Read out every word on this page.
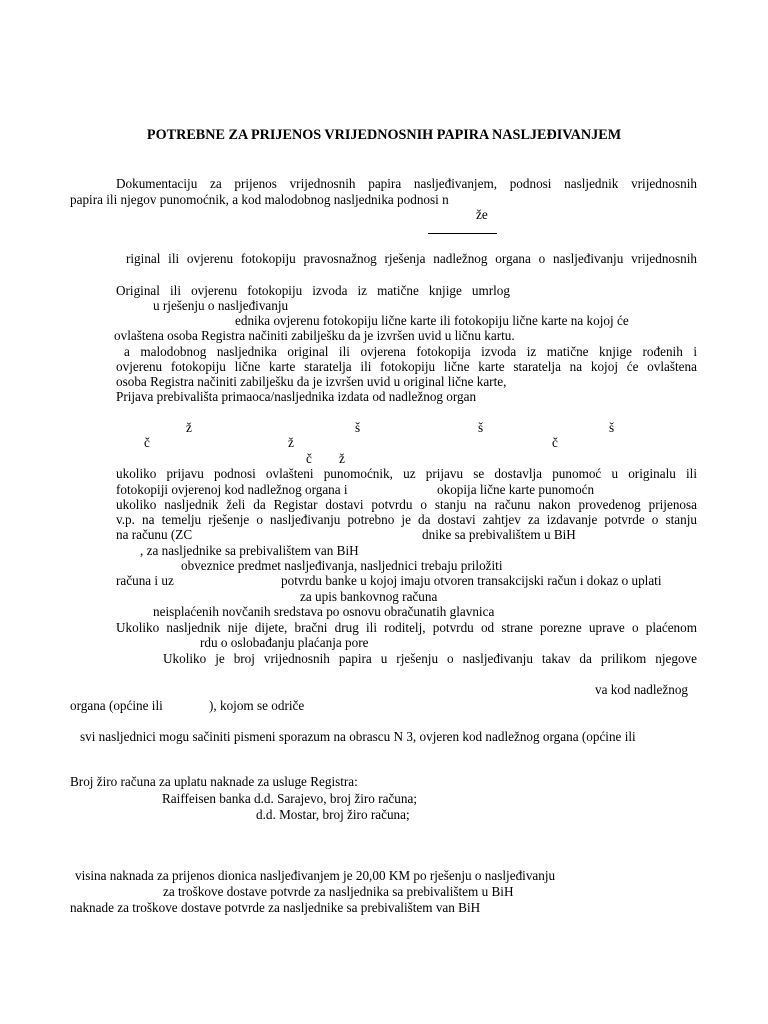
POTREBNE ZA PRIJENOS VRIJEDNOSNIH PAPIRA NASLJEĐIVANJEM
Dokumentaciju za prijenos vrijednosnih papira nasljeđivanjem, podnosi nasljednik vrijednosnih
papira ili njegov punomoćnik, a kod malodobnog nasljednika podnosi n
že
riginal ili ovjerenu fotokopiju pravosnažnog rješenja nadležnog organa o nasljeđivanju vrijednosnih
Original ili ovjerenu fotokopiju izvoda iz matične knjige umrlog
u rješenju o nasljeđivanju
ednika ovjerenu fotokopiju lične karte ili fotokopiju lične karte na kojoj će
ovlaštena osoba Registra načiniti zabilješku da je izvršen uvid u ličnu kartu.
a malodobnog nasljednika original ili ovjerena fotokopija izvoda iz matične knjige rođenih i
ovjerenu fotokopiju lične karte staratelja ili fotokopiju lične karte staratelja na kojoj će ovlaštena
osoba Registra načiniti zabilješku da je izvršen uvid u original lične karte,
Prijava prebivališta primaoca/nasljednika izdata od nadležnog organ
ž	š	š	š
č	ž	č
č ž
ukoliko prijavu podnosi ovlašteni punomoćnik, uz prijavu se dostavlja punomoć u originalu ili
fotokopiji ovjerenoj kod nadležnog organa i	okopija lične karte punomoćn
ukoliko nasljednik želi da Registar dostavi potvrdu o stanju na računu nakon provedenog prijenosa
v.p. na temelju rješenje o nasljeđivanju potrebno je da dostavi zahtjev za izdavanje potvrde o stanju
na računu (ZC	dnike sa prebivalištem u BiH
, za nasljednike sa prebivalištem van BiH
obveznice predmet nasljeđivanja, nasljednici trebaju priložiti
računa i uz	potvrdu banke u kojoj imaju otvoren transakcijski račun i dokaz o uplati
za upis bankovnog računa
neisplaćenih novčanih sredstava po osnovu obračunatih glavnica
Ukoliko nasljednik nije dijete, bračni drug ili roditelj, potvrdu od strane porezne uprave o plaćenom
rdu o oslobađanju plaćanja pore
Ukoliko je broj vrijednosnih papira u rješenju o nasljeđivanju takav da prilikom njegove
va kod nadležnog
organa (općine ili	), kojom se odriče
svi nasljednici mogu sačiniti pismeni sporazum na obrascu N 3, ovjeren kod nadležnog organa (općine ili
Broj žiro računa za uplatu naknade za usluge Registra:
Raiffeisen banka d.d. Sarajevo, broj žiro računa;
d.d. Mostar, broj žiro računa;
visina naknada za prijenos dionica nasljeđivanjem je 20,00 KM po rješenju o nasljeđivanju
za troškove dostave potvrde za nasljednika sa prebivalištem u BiH
naknade za troškove dostave potvrde za nasljednike sa prebivalištem van BiH
